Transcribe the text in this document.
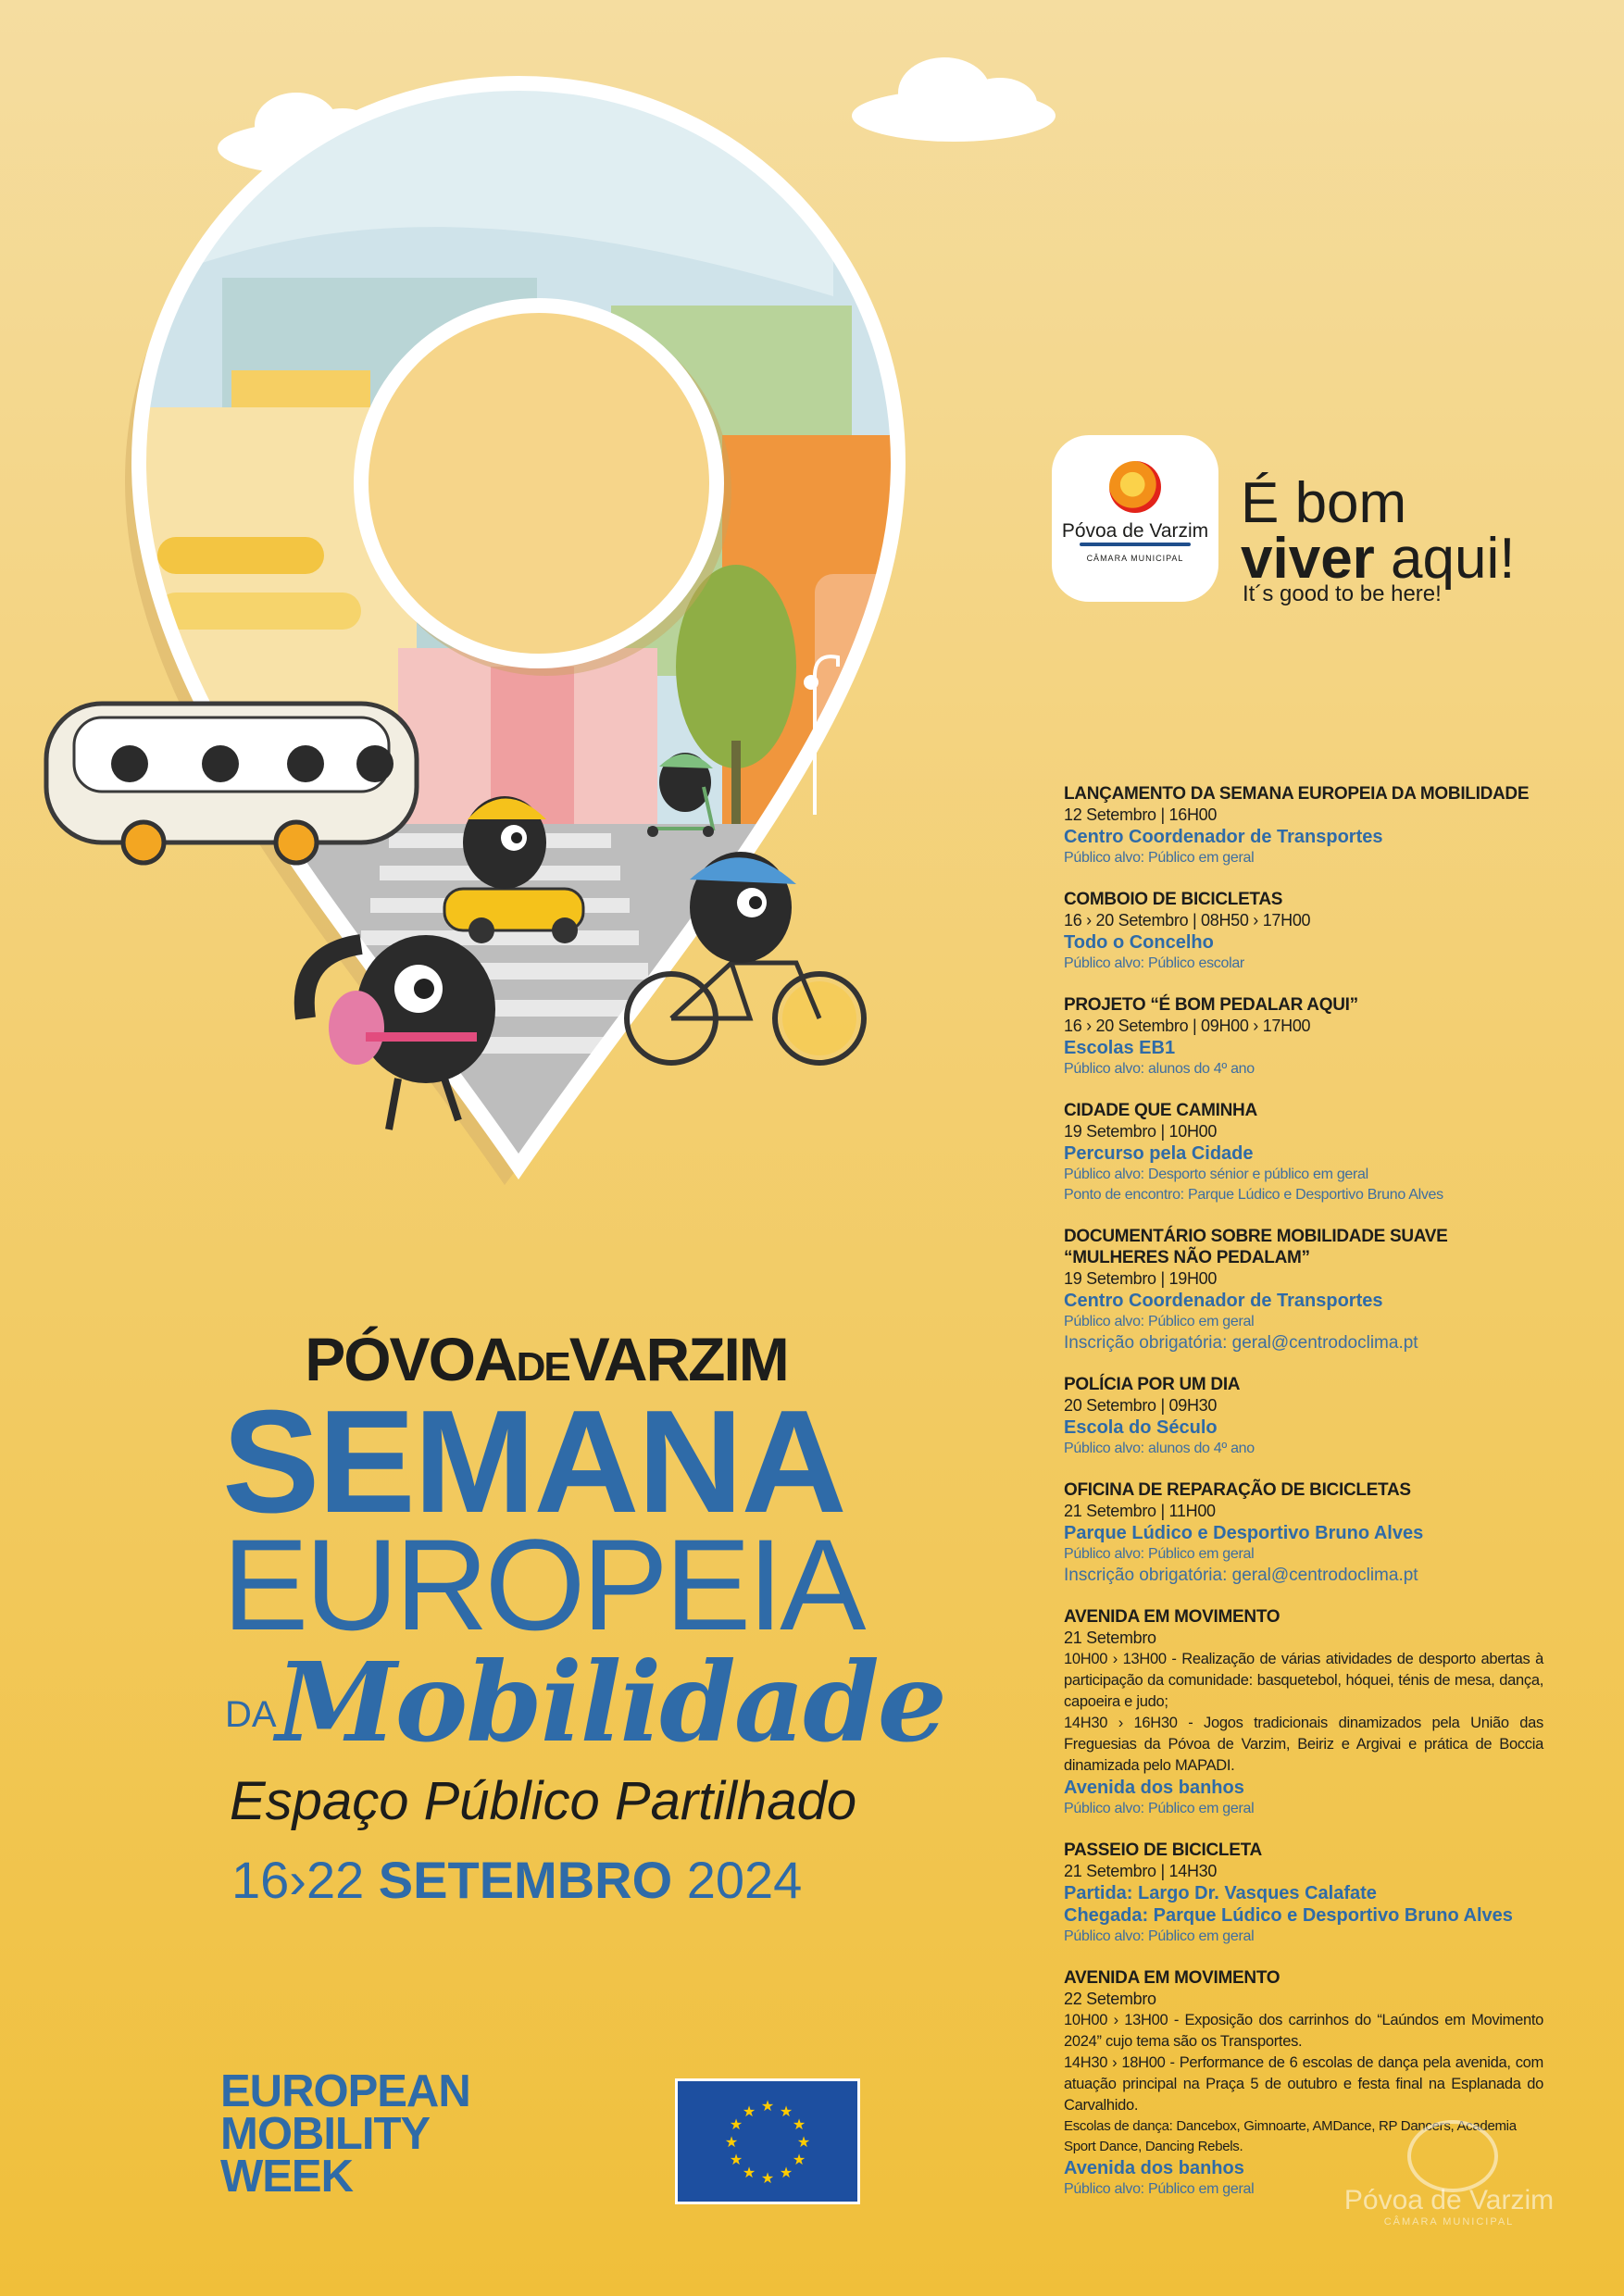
Póvoa de Varzim
CÂMARA MUNICIPAL
É bom
viver aqui!
It´s good to be here!
PÓVOADEVARZIM
SEMANA
EUROPEIA
DA Mobilidade
Espaço Público Partilhado
16›22 SETEMBRO 2024
EUROPEAN
MOBILITY
WEEK
★ ★
★
★
★
★
★
★
★
★
★
★
LANÇAMENTO DA SEMANA EUROPEIA DA MOBILIDADE
12 Setembro | 16H00
Centro Coordenador de Transportes
Público alvo: Público em geral
COMBOIO DE BICICLETAS
16 › 20 Setembro | 08H50 › 17H00
Todo o Concelho
Público alvo: Público escolar
PROJETO “É BOM PEDALAR AQUI”
16 › 20 Setembro | 09H00 › 17H00
Escolas EB1
Público alvo: alunos do 4º ano
CIDADE QUE CAMINHA
19 Setembro | 10H00
Percurso pela Cidade
Público alvo: Desporto sénior e público em geral
Ponto de encontro: Parque Lúdico e Desportivo Bruno Alves
DOCUMENTÁRIO SOBRE MOBILIDADE SUAVE
“MULHERES NÃO PEDALAM”
19 Setembro | 19H00
Centro Coordenador de Transportes
Público alvo: Público em geral
Inscrição obrigatória: geral@centrodoclima.pt
POLÍCIA POR UM DIA
20 Setembro | 09H30
Escola do Século
Público alvo: alunos do 4º ano
OFICINA DE REPARAÇÃO DE BICICLETAS
21 Setembro | 11H00
Parque Lúdico e Desportivo Bruno Alves
Público alvo: Público em geral
Inscrição obrigatória: geral@centrodoclima.pt
AVENIDA EM MOVIMENTO
21 Setembro
10H00 › 13H00 - Realização de várias atividades de desporto abertas à participação da comunidade: basquetebol, hóquei, ténis de mesa, dança, capoeira e judo;
14H30 › 16H30 - Jogos tradicionais dinamizados pela União das Freguesias da Póvoa de Varzim, Beiriz e Argivai e prática de Boccia dinamizada pelo MAPADI.
Avenida dos banhos
Público alvo: Público em geral
PASSEIO DE BICICLETA
21 Setembro | 14H30
Partida: Largo Dr. Vasques Calafate
Chegada: Parque Lúdico e Desportivo Bruno Alves
Público alvo: Público em geral
AVENIDA EM MOVIMENTO
22 Setembro
10H00 › 13H00 - Exposição dos carrinhos do “Laúndos em Movimento 2024” cujo tema são os Transportes.
14H30 › 18H00 - Performance de 6 escolas de dança pela avenida, com atuação principal na Praça 5 de outubro e festa final na Esplanada do Carvalhido.
Escolas de dança: Dancebox, Gimnoarte, AMDance, RP Dancers, Academia Sport Dance, Dancing Rebels.
Avenida dos banhos
Público alvo: Público em geral	Póvoa de Varzim
CÂMARA MUNICIPAL
